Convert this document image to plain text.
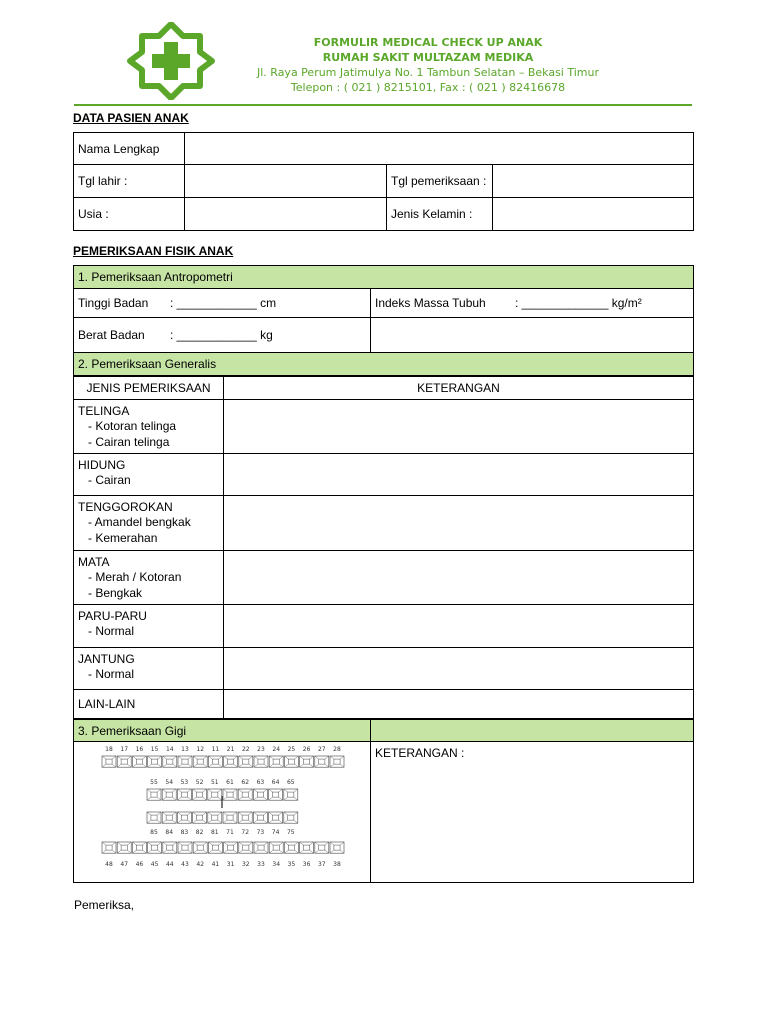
FORMULIR MEDICAL CHECK UP ANAK
RUMAH SAKIT MULTAZAM MEDIKA
Jl. Raya Perum Jatimulya No. 1 Tambun Selatan – Bekasi Timur
Telepon : ( 021 ) 8215101, Fax : ( 021 ) 82416678
DATA PASIEN ANAK
Nama Lengkap			
Tgl lahir :		Tgl pemeriksaan :	
Usia :		Jenis Kelamin :	
PEMERIKSAAN FISIK ANAK
1. Pemeriksaan Antropometri	
Tinggi Badan : ____________ cm	Indeks Massa Tubuh : _____________ kg/m²
Berat Badan : ____________ kg	
2. Pemeriksaan Generalis	
JENIS PEMERIKSAAN	KETERANGAN

TELINGA
- Kotoran telinga
- Cairan telinga	

HIDUNG
- Cairan	

TENGGOROKAN
- Amandel bengkak
- Kemerahan	

MATA
- Merah / Kotoran
- Bengkak	

PARU-PARU
- Normal	

JANTUNG
- Normal	

LAIN-LAIN	

3. Pemeriksaan Gigi	
	KETERANGAN :
18 17 16 15 14 13 12 11 21 22 23 24 25 26 27 28
55 54 53 52 51 61 62 63 64 65
85 84 83 82 81 71 72 73 74 75
48 47 46 45 44 43 42 41 31 32 33 34 35 36 37 38
Pemeriksa,
